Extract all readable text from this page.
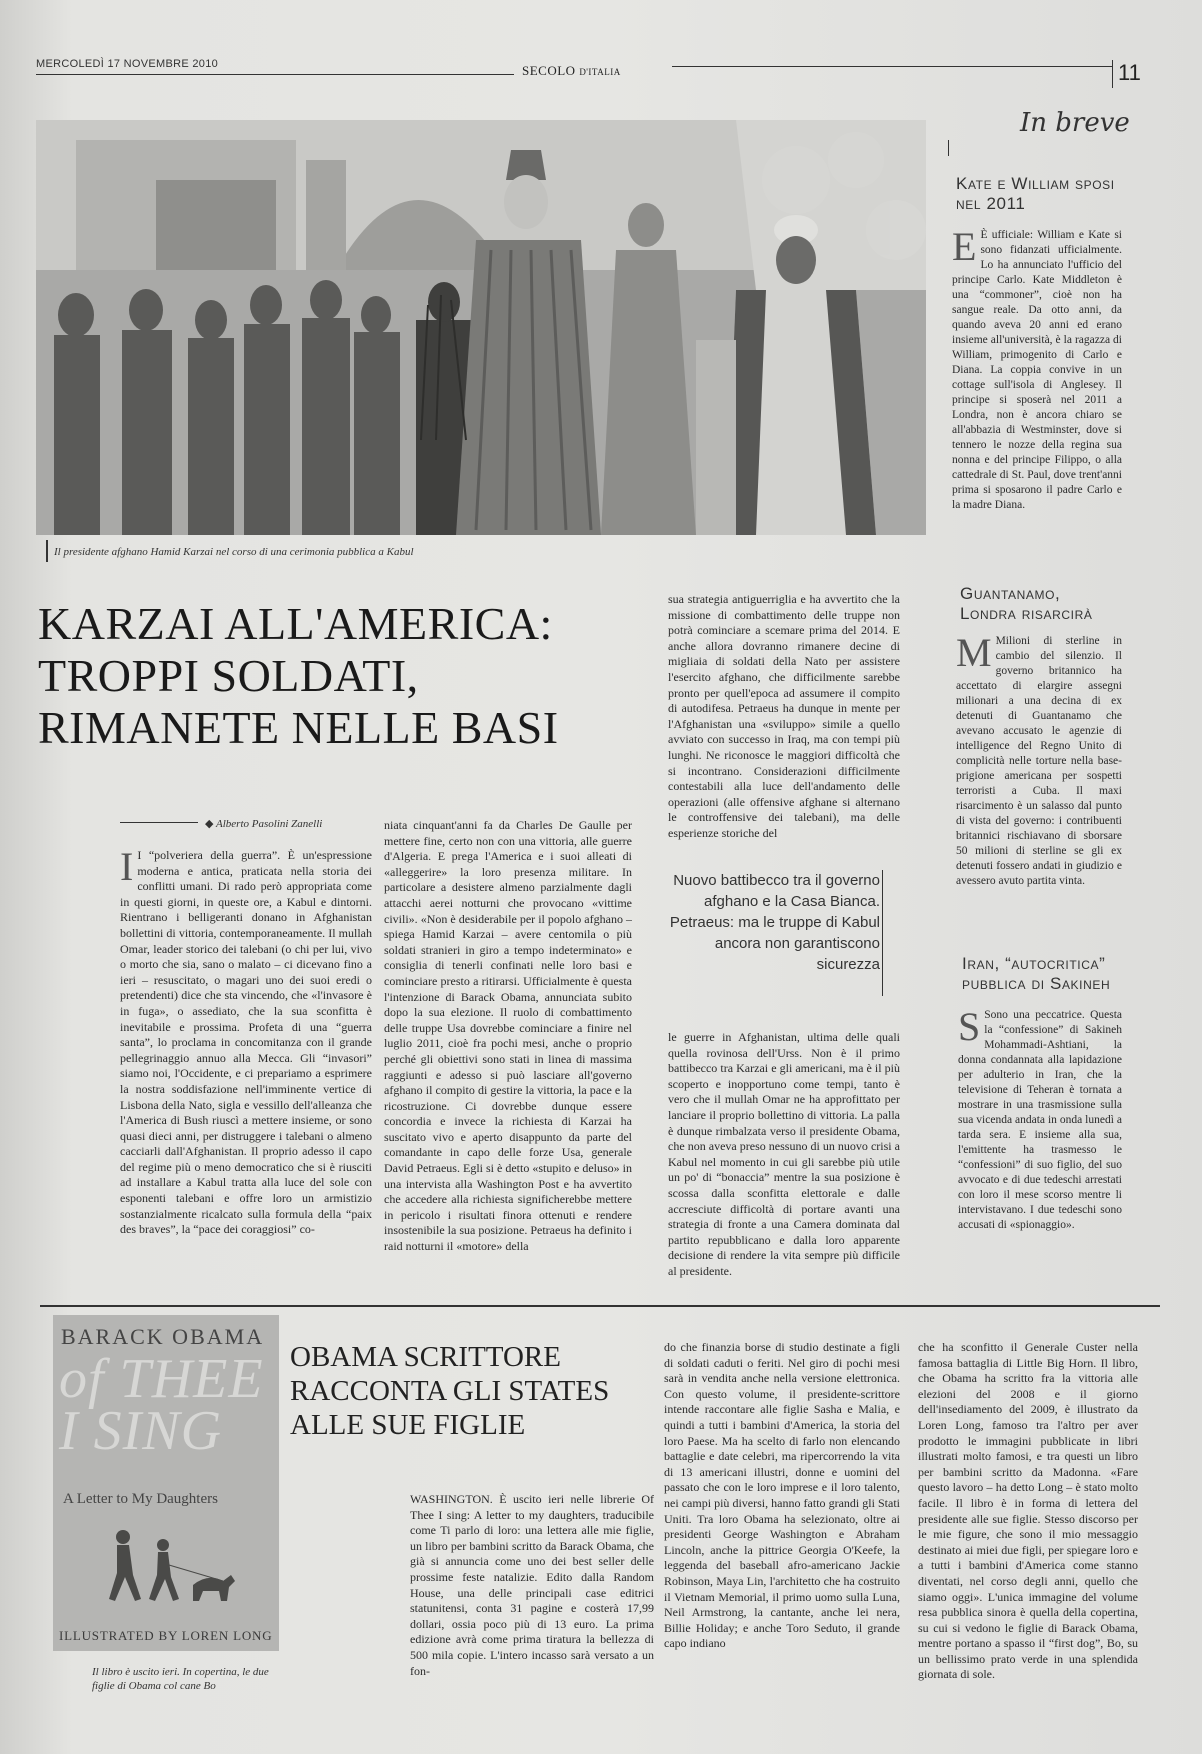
MERCOLEDÌ 17 NOVEMBRE 2010	SECOLO D'ITALIA	11
Il presidente afghano Hamid Karzai nel corso di una cerimonia pubblica a Kabul
KARZAI ALL'AMERICA:
TROPPI SOLDATI,
RIMANETE NELLE BASI
◆ Alberto Pasolini Zanelli
I I “polveriera della guerra”. È un'espressione moderna e antica, praticata nella storia dei conflitti umani. Di rado però appropriata come in questi giorni, in queste ore, a Kabul e dintorni. Rientrano i belligeranti donano in Afghanistan bollettini di vittoria, contemporaneamente. Il mullah Omar, leader storico dei talebani (o chi per lui, vivo o morto che sia, sano o malato – ci dicevano fino a ieri – resuscitato, o magari uno dei suoi eredi o pretendenti) dice che sta vincendo, che «l'invasore è in fuga», o assediato, che la sua sconfitta è inevitabile e prossima. Profeta di una “guerra santa”, lo proclama in concomitanza con il grande pellegrinaggio annuo alla Mecca. Gli “invasori” siamo noi, l'Occidente, e ci prepariamo a esprimere la nostra soddisfazione nell'imminente vertice di Lisbona della Nato, sigla e vessillo dell'alleanza che l'America di Bush riuscì a mettere insieme, or sono quasi dieci anni, per distruggere i talebani o almeno cacciarli dall'Afghanistan. Il proprio adesso il capo del regime più o meno democratico che si è riusciti ad installare a Kabul tratta alla luce del sole con esponenti talebani e offre loro un armistizio sostanzialmente ricalcato sulla formula della “paix des braves”, la “pace dei coraggiosi” co-
niata cinquant'anni fa da Charles De Gaulle per mettere fine, certo non con una vittoria, alle guerre d'Algeria. E prega l'America e i suoi alleati di «alleggerire» la loro presenza militare. In particolare a desistere almeno parzialmente dagli attacchi aerei notturni che provocano «vittime civili». «Non è desiderabile per il popolo afghano – spiega Hamid Karzai – avere centomila o più soldati stranieri in giro a tempo indeterminato» e consiglia di tenerli confinati nelle loro basi e cominciare presto a ritirarsi. Ufficialmente è questa l'intenzione di Barack Obama, annunciata subito dopo la sua elezione. Il ruolo di combattimento delle truppe Usa dovrebbe cominciare a finire nel luglio 2011, cioè fra pochi mesi, anche o proprio perché gli obiettivi sono stati in linea di massima raggiunti e adesso si può lasciare all'governo afghano il compito di gestire la vittoria, la pace e la ricostruzione. Ci dovrebbe dunque essere concordia e invece la richiesta di Karzai ha suscitato vivo e aperto disappunto da parte del comandante in capo delle forze Usa, generale David Petraeus. Egli si è detto «stupito e deluso» in una intervista alla Washington Post e ha avvertito che accedere alla richiesta significherebbe mettere in pericolo i risultati finora ottenuti e rendere insostenibile la sua posizione. Petraeus ha definito i raid notturni il «motore» della
sua strategia antiguerriglia e ha avvertito che la missione di combattimento delle truppe non potrà cominciare a scemare prima del 2014. E anche allora dovranno rimanere decine di migliaia di soldati della Nato per assistere l'esercito afghano, che difficilmente sarebbe pronto per quell'epoca ad assumere il compito di autodifesa. Petraeus ha dunque in mente per l'Afghanistan una «sviluppo» simile a quello avviato con successo in Iraq, ma con tempi più lunghi. Ne riconosce le maggiori difficoltà che si incontrano. Considerazioni difficilmente contestabili alla luce dell'andamento delle operazioni (alle offensive afghane si alternano le controffensive dei talebani), ma delle esperienze storiche del
Nuovo battibecco tra il governo afghano e la Casa Bianca. Petraeus: ma le truppe di Kabul ancora non garantiscono sicurezza
le guerre in Afghanistan, ultima delle quali quella rovinosa dell'Urss. Non è il primo battibecco tra Karzai e gli americani, ma è il più scoperto e inopportuno come tempi, tanto è vero che il mullah Omar ne ha approfittato per lanciare il proprio bollettino di vittoria. La palla è dunque rimbalzata verso il presidente Obama, che non aveva preso nessuno di un nuovo crisi a Kabul nel momento in cui gli sarebbe più utile un po' di “bonaccia” mentre la sua posizione è scossa dalla sconfitta elettorale e dalle accresciute difficoltà di portare avanti una strategia di fronte a una Camera dominata dal partito repubblicano e dalla loro apparente decisione di rendere la vita sempre più difficile al presidente.
In breve
Kate e William sposi nel 2011
E È ufficiale: William e Kate si sono fidanzati ufficialmente. Lo ha annunciato l'ufficio del principe Carlo. Kate Middleton è una “commoner”, cioè non ha sangue reale. Da otto anni, da quando aveva 20 anni ed erano insieme all'università, è la ragazza di William, primogenito di Carlo e Diana. La coppia convive in un cottage sull'isola di Anglesey. Il principe si sposerà nel 2011 a Londra, non è ancora chiaro se all'abbazia di Westminster, dove si tennero le nozze della regina sua nonna e del principe Filippo, o alla cattedrale di St. Paul, dove trent'anni prima si sposarono il padre Carlo e la madre Diana.
Guantanamo, Londra risarcirà
M Milioni di sterline in cambio del silenzio. Il governo britannico ha accettato di elargire assegni milionari a una decina di ex detenuti di Guantanamo che avevano accusato le agenzie di intelligence del Regno Unito di complicità nelle torture nella base-prigione americana per sospetti terroristi a Cuba. Il maxi risarcimento è un salasso dal punto di vista del governo: i contribuenti britannici rischiavano di sborsare 50 milioni di sterline se gli ex detenuti fossero andati in giudizio e avessero avuto partita vinta.
Iran, “autocritica” pubblica di Sakineh
S Sono una peccatrice. Questa la “confessione” di Sakineh Mohammadi-Ashtiani, la donna condannata alla lapidazione per adulterio in Iran, che la televisione di Teheran è tornata a mostrare in una trasmissione sulla sua vicenda andata in onda lunedì a tarda sera. E insieme alla sua, l'emittente ha trasmesso le “confessioni” di suo figlio, del suo avvocato e di due tedeschi arrestati con loro il mese scorso mentre li intervistavano. I due tedeschi sono accusati di «spionaggio».
BARACK OBAMA
of THEE
I SING
A Letter to My Daughters
ILLUSTRATED BY LOREN LONG
Il libro è uscito ieri. In copertina, le due figlie di Obama col cane Bo
OBAMA SCRITTORE
RACCONTA GLI STATES
ALLE SUE FIGLIE
WASHINGTON. È uscito ieri nelle librerie Of Thee I sing: A letter to my daughters, traducibile come Ti parlo di loro: una lettera alle mie figlie, un libro per bambini scritto da Barack Obama, che già si annuncia come uno dei best seller delle prossime feste natalizie. Edito dalla Random House, una delle principali case editrici statunitensi, conta 31 pagine e costerà 17,99 dollari, ossia poco più di 13 euro. La prima edizione avrà come prima tiratura la bellezza di 500 mila copie. L'intero incasso sarà versato a un fon-
do che finanzia borse di studio destinate a figli di soldati caduti o feriti. Nel giro di pochi mesi sarà in vendita anche nella versione elettronica. Con questo volume, il presidente-scrittore intende raccontare alle figlie Sasha e Malia, e quindi a tutti i bambini d'America, la storia del loro Paese. Ma ha scelto di farlo non elencando battaglie e date celebri, ma ripercorrendo la vita di 13 americani illustri, donne e uomini del passato che con le loro imprese e il loro talento, nei campi più diversi, hanno fatto grandi gli Stati Uniti. Tra loro Obama ha selezionato, oltre ai presidenti George Washington e Abraham Lincoln, anche la pittrice Georgia O'Keefe, la leggenda del baseball afro-americano Jackie Robinson, Maya Lin, l'architetto che ha costruito il Vietnam Memorial, il primo uomo sulla Luna, Neil Armstrong, la cantante, anche lei nera, Billie Holiday; e anche Toro Seduto, il grande capo indiano
che ha sconfitto il Generale Custer nella famosa battaglia di Little Big Horn. Il libro, che Obama ha scritto fra la vittoria alle elezioni del 2008 e il giorno dell'insediamento del 2009, è illustrato da Loren Long, famoso tra l'altro per aver prodotto le immagini pubblicate in libri illustrati molto famosi, e tra questi un libro per bambini scritto da Madonna. «Fare questo lavoro – ha detto Long – è stato molto facile. Il libro è in forma di lettera del presidente alle sue figlie. Stesso discorso per le mie figure, che sono il mio messaggio destinato ai miei due figli, per spiegare loro e a tutti i bambini d'America come stanno diventati, nel corso degli anni, quello che siamo oggi». L'unica immagine del volume resa pubblica sinora è quella della copertina, su cui si vedono le figlie di Barack Obama, mentre portano a spasso il “first dog”, Bo, su un bellissimo prato verde in una splendida giornata di sole.
